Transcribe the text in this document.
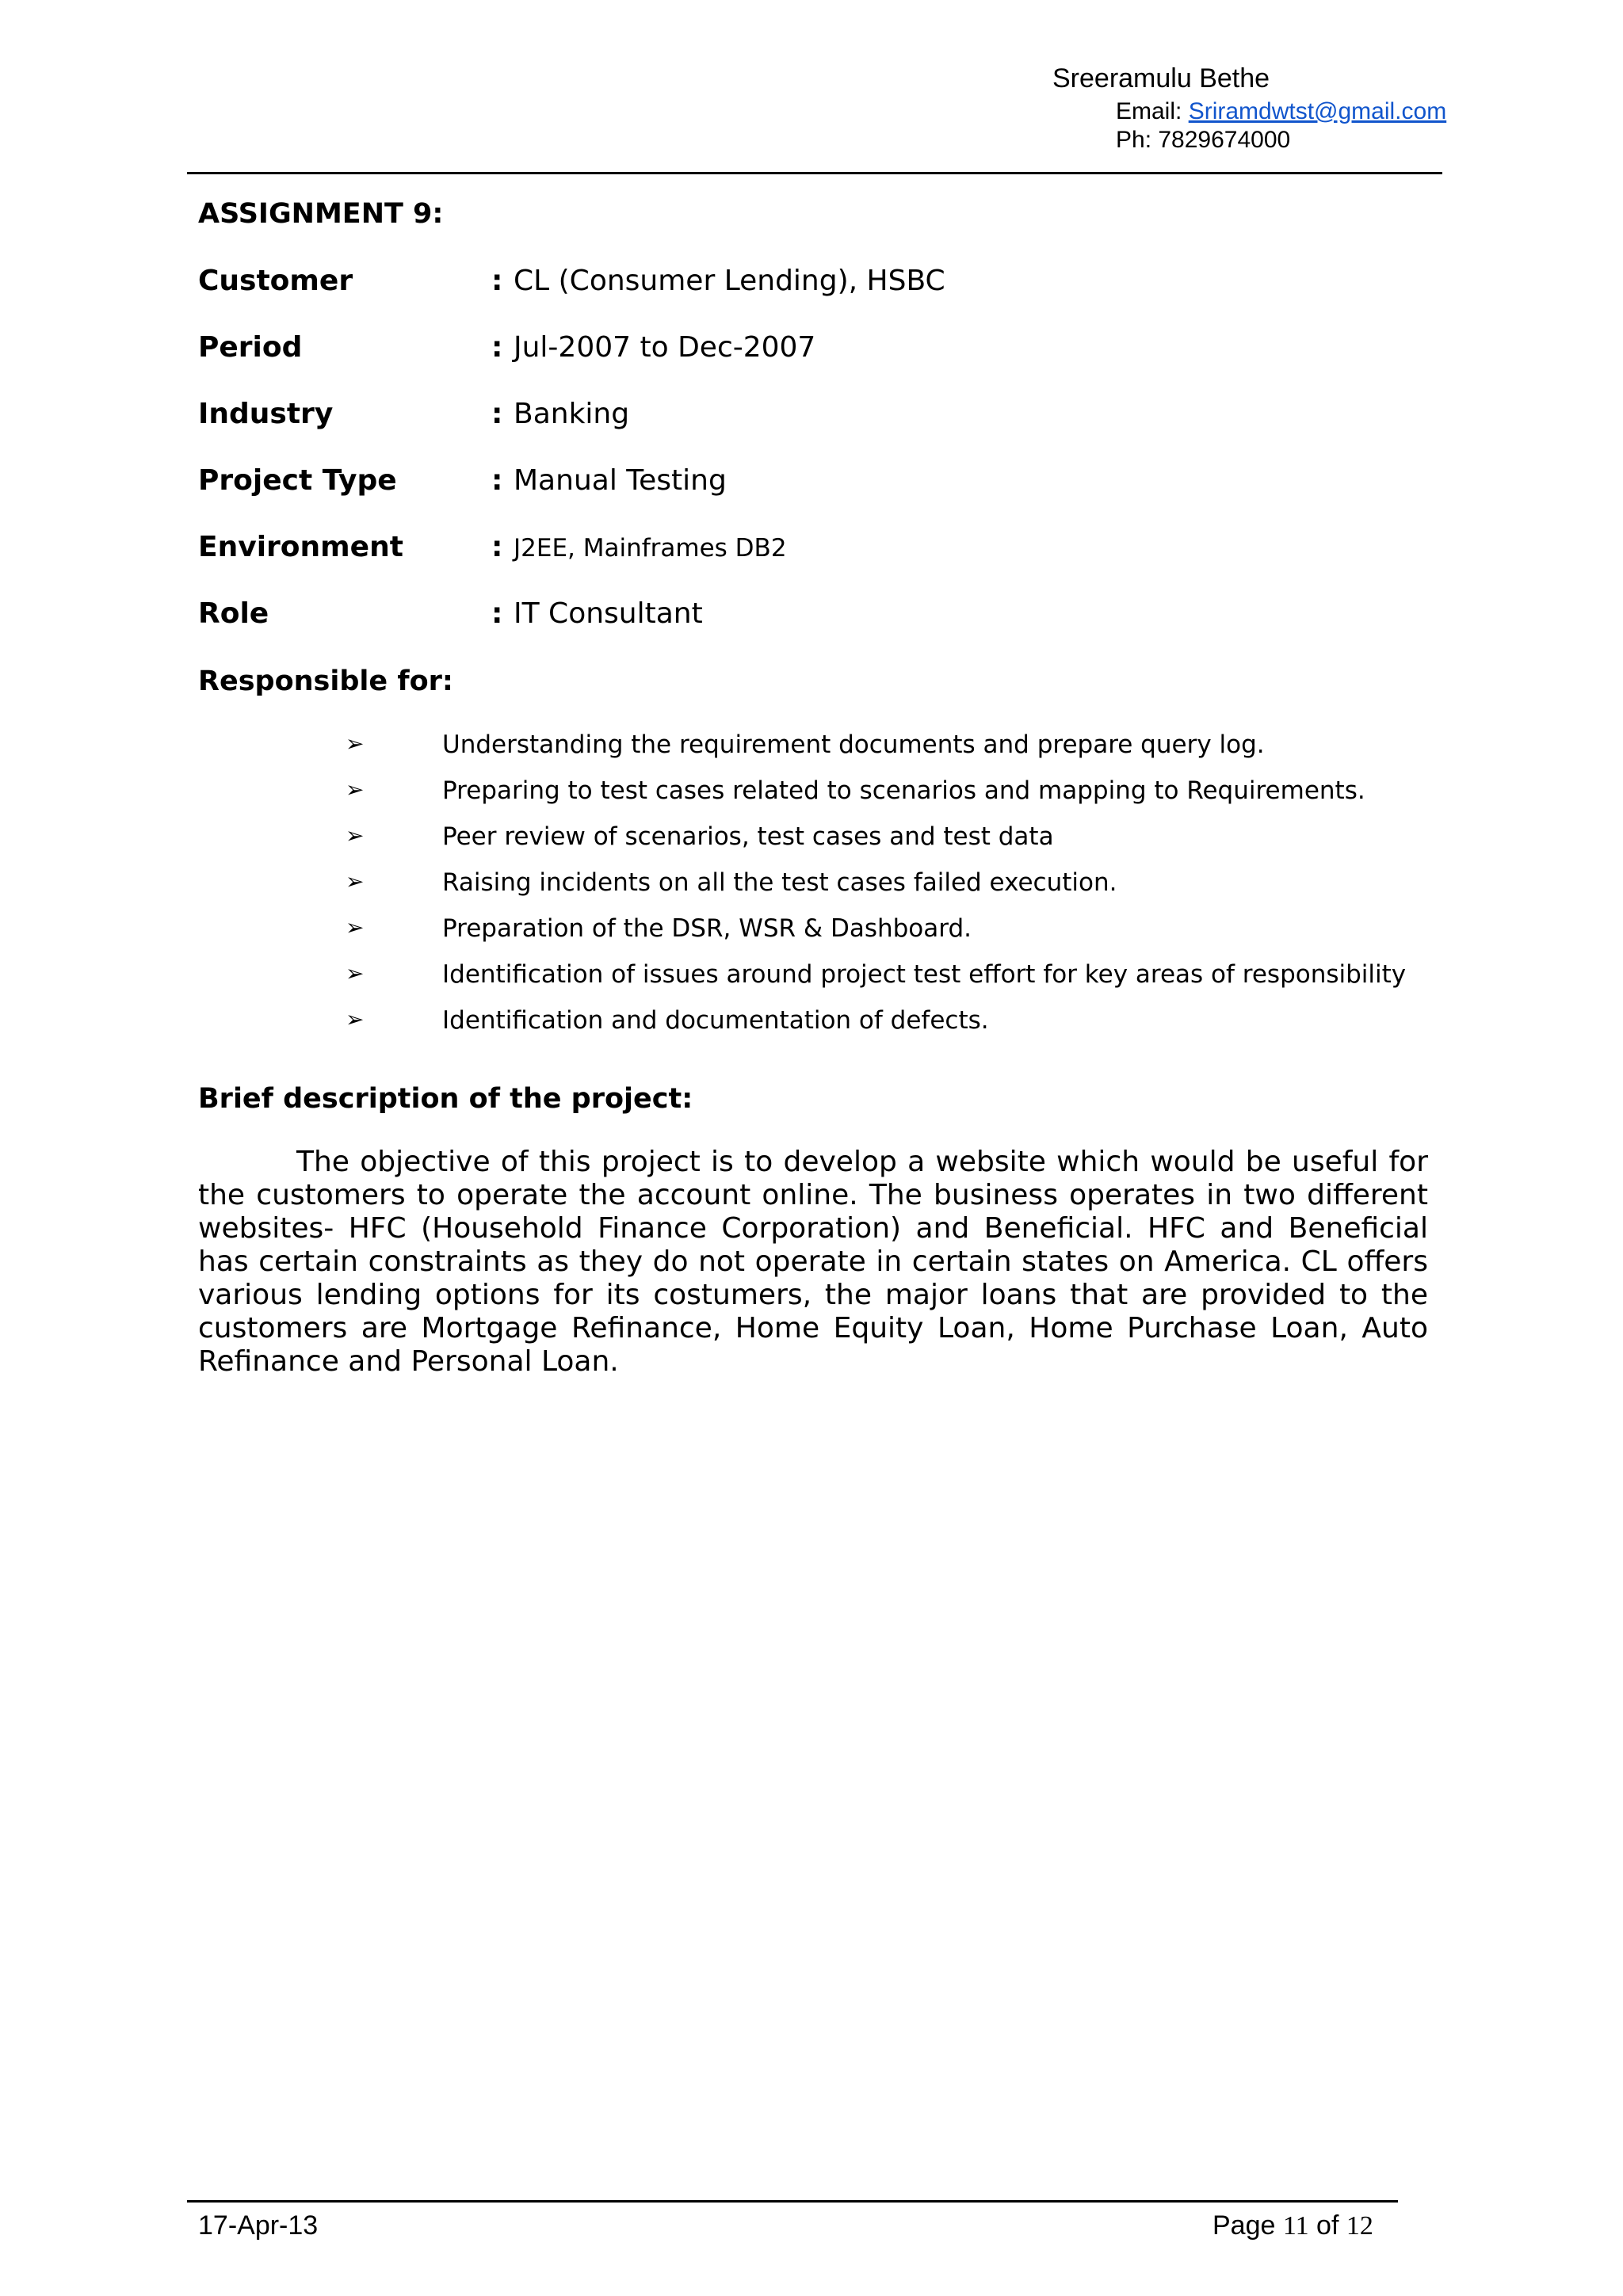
Sreeramulu Bethe
Email: Sriramdwtst@gmail.com
Ph: 7829674000
ASSIGNMENT 9:
Customer	: CL (Consumer Lending), HSBC
Period	: Jul-2007 to Dec-2007
Industry	: Banking
Project Type	: Manual Testing
Environment	: J2EE, Mainframes DB2
Role	: IT Consultant
Responsible for:
➢	Understanding the requirement documents and prepare query log.
➢	Preparing to test cases related to scenarios and mapping to Requirements.
➢	Peer review of scenarios, test cases and test data
➢	Raising incidents on all the test cases failed execution.
➢	Preparation of the DSR, WSR & Dashboard.
➢	Identification of issues around project test effort for key areas of responsibility
➢	Identification and documentation of defects.
Brief description of the project:

The objective of this project is to develop a website which would be useful for the customers to operate the account online. The business operates in two different websites- HFC (Household Finance Corporation) and Beneficial. HFC and Beneficial has certain constraints as they do not operate in certain states on America. CL offers various lending options for its costumers, the major loans that are provided to the customers are Mortgage Refinance, Home Equity Loan, Home Purchase Loan, Auto Refinance and Personal Loan.

17-Apr-13	Page 11 of 12
